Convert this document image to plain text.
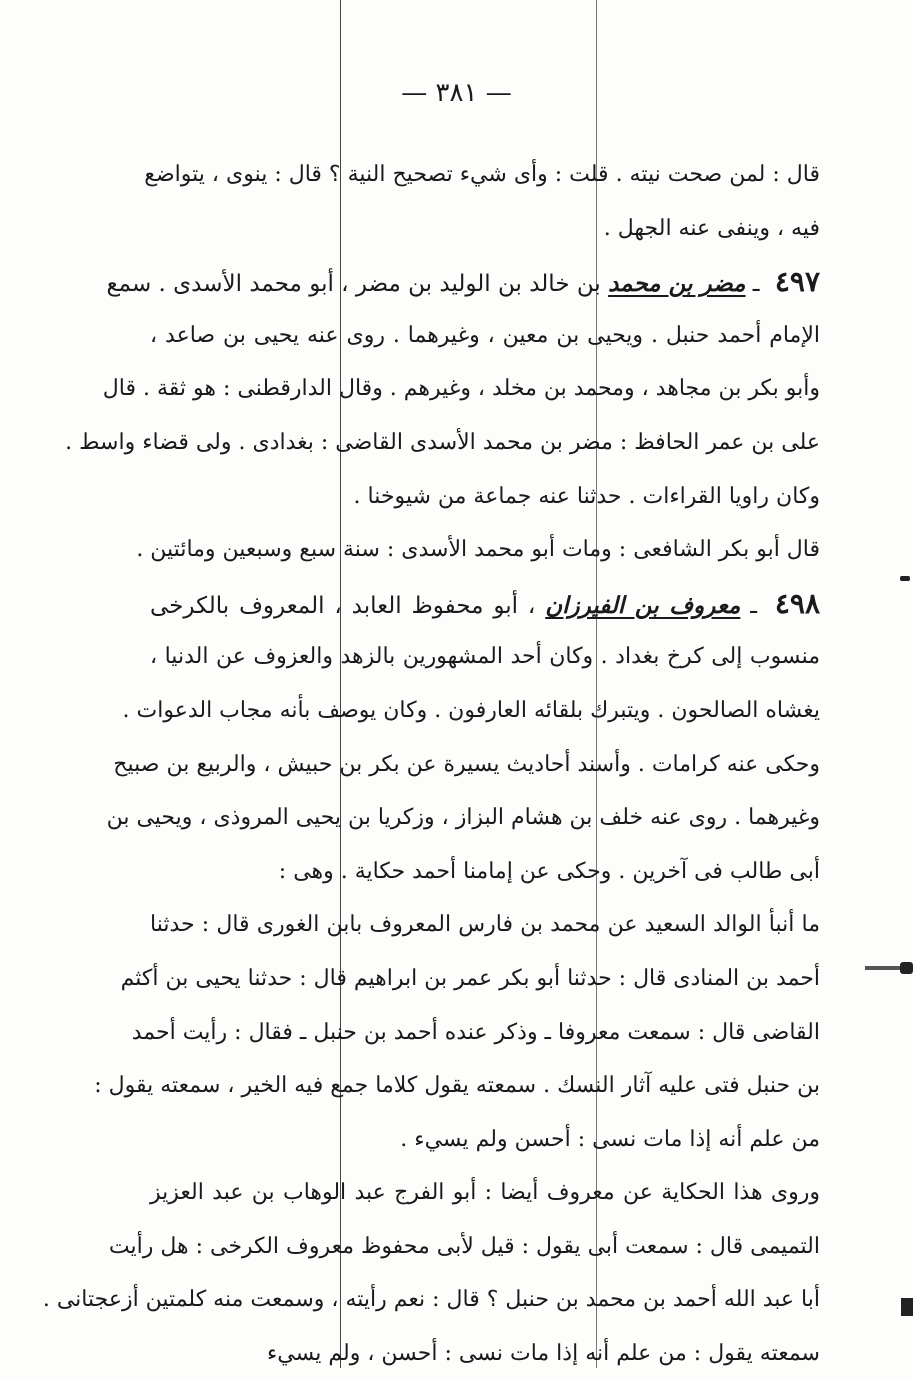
— ٣٨١ —
قال : لمن صحت نيته . قلت : وأى شيء تصحيح النية ؟ قال : ينوى ، يتواضع
فيه ، وينفى عنه الجهل .
٤٩٧ ـ مضر بن محمد بن خالد بن الوليد بن مضر ، أبو محمد الأسدى . سمع
الإمام أحمد حنبل . ويحيى بن معين ، وغيرهما . روى عنه يحيى بن صاعد ،
وأبو بكر بن مجاهد ، ومحمد بن مخلد ، وغيرهم . وقال الدارقطنى : هو ثقة . قال
على بن عمر الحافظ : مضر بن محمد الأسدى القاضى : بغدادى . ولى قضاء واسط .
وكان راويا القراءات . حدثنا عنه جماعة من شيوخنا .
قال أبو بكر الشافعى : ومات أبو محمد الأسدى : سنة سبع وسبعين ومائتين .
٤٩٨ ـ معروف بن الفيرزان ، أبو محفوظ العابد ، المعروف بالكرخى
منسوب إلى كرخ بغداد . وكان أحد المشهورين بالزهد والعزوف عن الدنيا ،
يغشاه الصالحون . ويتبرك بلقائه العارفون . وكان يوصف بأنه مجاب الدعوات .
وحكى عنه كرامات . وأسند أحاديث يسيرة عن بكر بن حبيش ، والربيع بن صبيح
وغيرهما . روى عنه خلف بن هشام البزاز ، وزكريا بن يحيى المروذى ، ويحيى بن
أبى طالب فى آخرين . وحكى عن إمامنا أحمد حكاية . وهى :
ما أنبأ الوالد السعيد عن محمد بن فارس المعروف بابن الغورى قال : حدثنا
أحمد بن المنادى قال : حدثنا أبو بكر عمر بن ابراهيم قال : حدثنا يحيى بن أكثم
القاضى قال : سمعت معروفا ـ وذكر عنده أحمد بن حنبل ـ فقال : رأيت أحمد
بن حنبل فتى عليه آثار النسك . سمعته يقول كلاما جمع فيه الخير ، سمعته يقول :
من علم أنه إذا مات نسى : أحسن ولم يسيء .
وروى هذا الحكاية عن معروف أيضا : أبو الفرج عبد الوهاب بن عبد العزيز
التميمى قال : سمعت أبى يقول : قيل لأبى محفوظ معروف الكرخى : هل رأيت
أبا عبد الله أحمد بن محمد بن حنبل ؟ قال : نعم رأيته ، وسمعت منه كلمتين أزعجتانى .
سمعته يقول : من علم أنه إذا مات نسى : أحسن ، ولم يسيء
